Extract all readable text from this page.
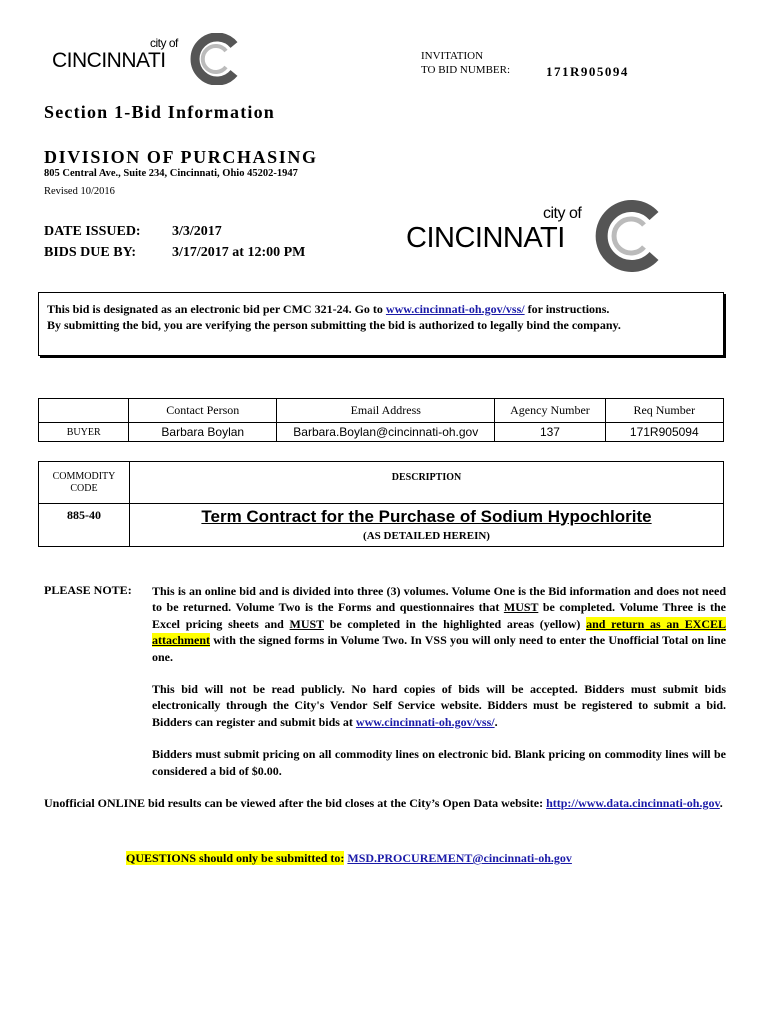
city of
CINCINNATI	INVITATION
TO BID NUMBER:	171R905094
Section 1-Bid Information
DIVISION OF PURCHASING
805 Central Ave., Suite 234, Cincinnati, Ohio 45202-1947
Revised 10/2016
DATE ISSUED: 3/3/2017
BIDS DUE BY:	3/17/2017 at 12:00 PM
city of
CINCINNATI
This bid is designated as an electronic bid per CMC 321-24. Go to www.cincinnati-oh.gov/vss/ for instructions.
By submitting the bid, you are verifying the person submitting the bid is authorized to legally bind the company.
	Contact Person	Email Address	Agency Number	Req Number
BUYER	Barbara Boylan	Barbara.Boylan@cincinnati-oh.gov	137	171R905094
COMMODITY
CODE	DESCRIPTION
885-40	Term Contract for the Purchase of Sodium Hypochlorite
	(AS DETAILED HEREIN)
PLEASE NOTE: This is an online bid and is divided into three (3) volumes. Volume One is the Bid information and does not need to be returned. Volume Two is the Forms and questionnaires that MUST be completed. Volume Three is the Excel pricing sheets and MUST be completed in the highlighted areas (yellow) and return as an EXCEL attachment with the signed forms in Volume Two. In VSS you will only need to enter the Unofficial Total on line one.

This bid will not be read publicly. No hard copies of bids will be accepted. Bidders must submit bids electronically through the City's Vendor Self Service website. Bidders must be registered to submit a bid. Bidders can register and submit bids at www.cincinnati-oh.gov/vss/.

Bidders must submit pricing on all commodity lines on electronic bid. Blank pricing on commodity lines will be considered a bid of $0.00.

Unofficial ONLINE bid results can be viewed after the bid closes at the City’s Open Data website: http://www.data.cincinnati-oh.gov.
QUESTIONS should only be submitted to: MSD.PROCUREMENT@cincinnati-oh.gov
